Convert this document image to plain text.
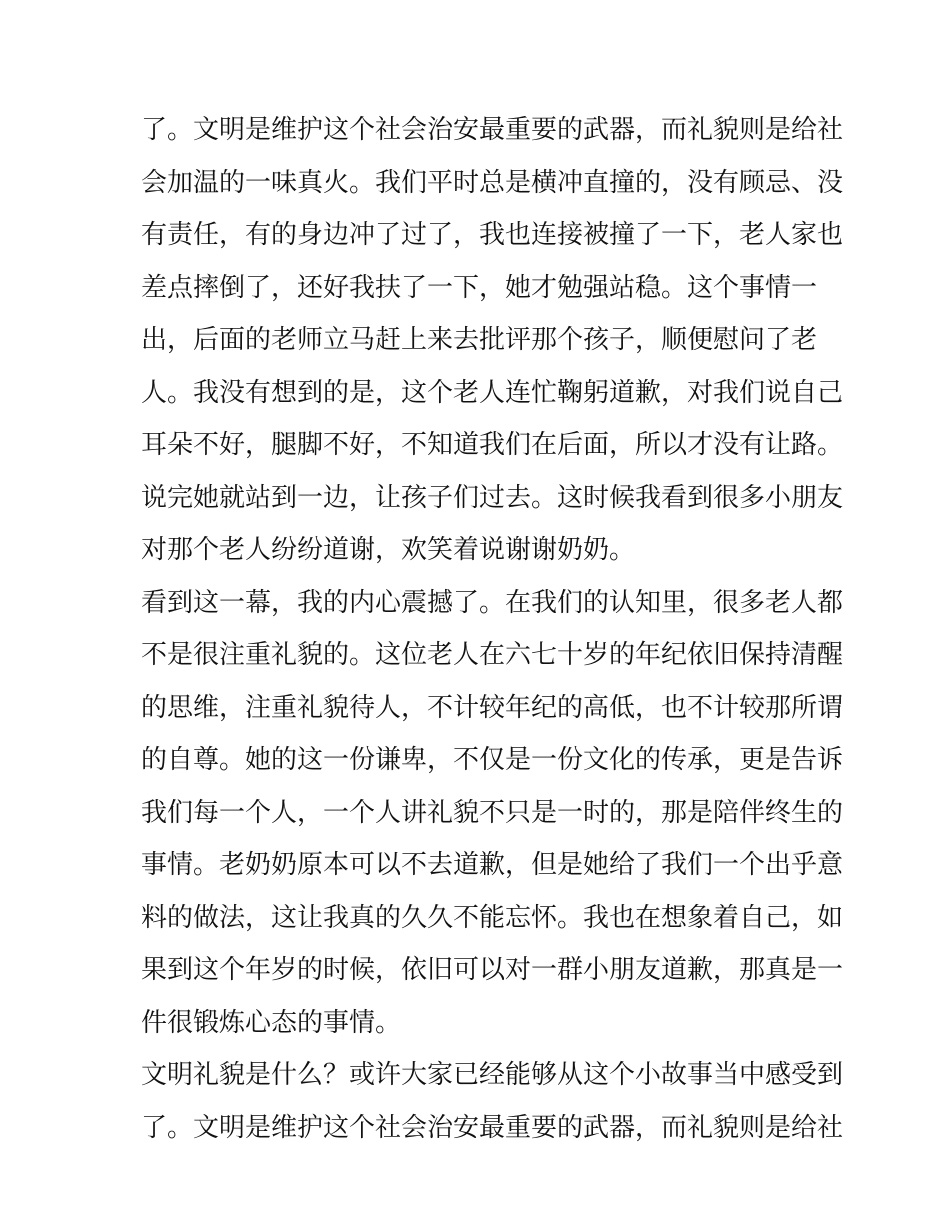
了。文明是维护这个社会治安最重要的武器，而礼貌则是给社
会加温的一味真火。我们平时总是横冲直撞的，没有顾忌、没
有责任，有的身边冲了过了，我也连接被撞了一下，老人家也
差点摔倒了，还好我扶了一下，她才勉强站稳。这个事情一
出，后面的老师立马赶上来去批评那个孩子，顺便慰问了老
人。我没有想到的是，这个老人连忙鞠躬道歉，对我们说自己
耳朵不好，腿脚不好，不知道我们在后面，所以才没有让路。
说完她就站到一边，让孩子们过去。这时候我看到很多小朋友
对那个老人纷纷道谢，欢笑着说谢谢奶奶。
看到这一幕，我的内心震撼了。在我们的认知里，很多老人都
不是很注重礼貌的。这位老人在六七十岁的年纪依旧保持清醒
的思维，注重礼貌待人，不计较年纪的高低，也不计较那所谓
的自尊。她的这一份谦卑，不仅是一份文化的传承，更是告诉
我们每一个人，一个人讲礼貌不只是一时的，那是陪伴终生的
事情。老奶奶原本可以不去道歉，但是她给了我们一个出乎意
料的做法，这让我真的久久不能忘怀。我也在想象着自己，如
果到这个年岁的时候，依旧可以对一群小朋友道歉，那真是一
件很锻炼心态的事情。
文明礼貌是什么？或许大家已经能够从这个小故事当中感受到
了。文明是维护这个社会治安最重要的武器，而礼貌则是给社
